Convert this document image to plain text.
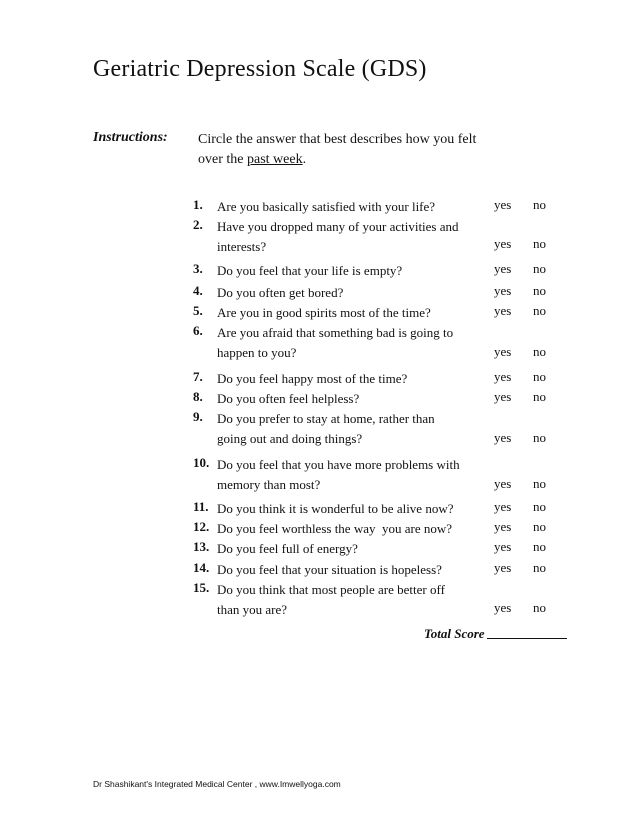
Geriatric Depression Scale (GDS)
Instructions: Circle the answer that best describes how you felt
over the past week.
1. Are you basically satisfied with your life?	yes no
2. Have you dropped many of your activities and interests?	yes no
3. Do you feel that your life is empty?	yes no
4. Do you often get bored?	yes no
5. Are you in good spirits most of the time?	yes no
6. Are you afraid that something bad is going to happen to you?	yes no
7. Do you feel happy most of the time?	yes no
8. Do you often feel helpless?	yes no
9. Do you prefer to stay at home, rather than going out and doing things?	yes no
10. Do you feel that you have more problems with memory than most?	yes no
11. Do you think it is wonderful to be alive now?	yes no
12. Do you feel worthless the way  you are now?	yes no
13. Do you feel full of energy?	yes no
14. Do you feel that your situation is hopeless?	yes no
15. Do you think that most people are better off than you are?	yes no
Total Score
Dr Shashikant's Integrated Medical Center , www.Imwellyoga.com
